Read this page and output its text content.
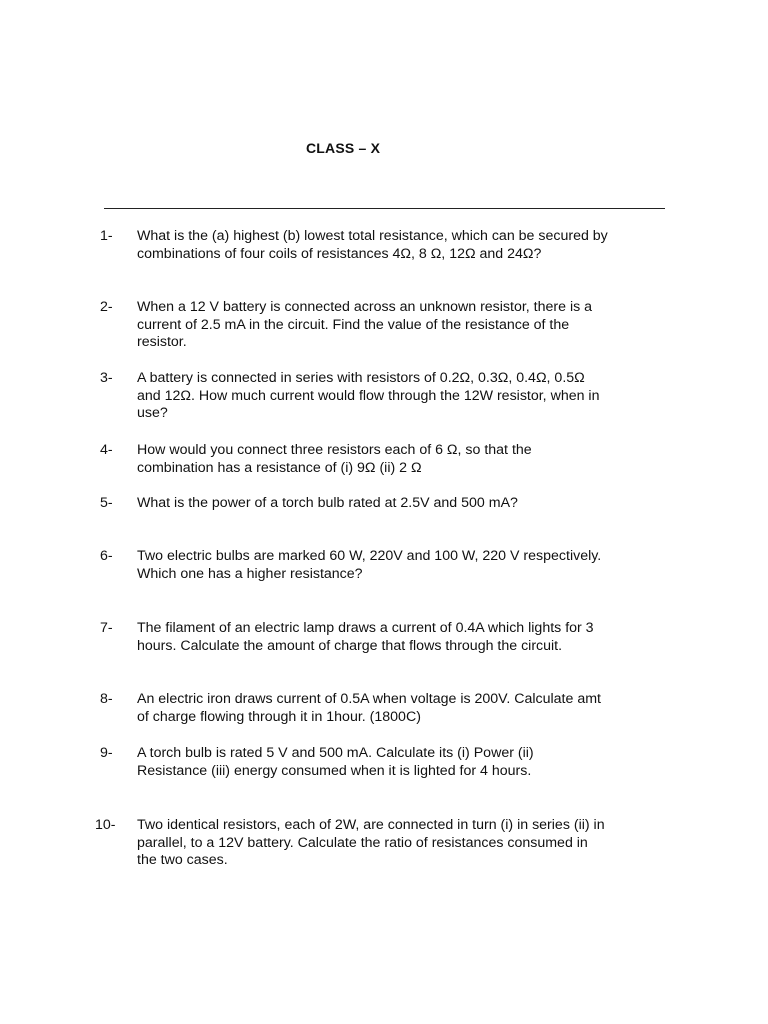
CLASS – X
1- What is the (a) highest (b) lowest total resistance, which can be secured by
combinations of four coils of resistances 4Ω, 8 Ω, 12Ω and 24Ω?
2- When a 12 V battery is connected across an unknown resistor, there is a
current of 2.5 mA in the circuit. Find the value of the resistance of the
resistor.
3- A battery is connected in series with resistors of 0.2Ω, 0.3Ω, 0.4Ω, 0.5Ω
and 12Ω. How much current would flow through the 12W resistor, when in
use?
4- How would you connect three resistors each of 6 Ω, so that the
combination has a resistance of (i) 9Ω (ii) 2 Ω
5- What is the power of a torch bulb rated at 2.5V and 500 mA?
6- Two electric bulbs are marked 60 W, 220V and 100 W, 220 V respectively.
Which one has a higher resistance?
7- The filament of an electric lamp draws a current of 0.4A which lights for 3
hours. Calculate the amount of charge that flows through the circuit.
8- An electric iron draws current of 0.5A when voltage is 200V. Calculate amt
of charge flowing through it in 1hour. (1800C)
9- A torch bulb is rated 5 V and 500 mA. Calculate its (i) Power (ii)
Resistance (iii) energy consumed when it is lighted for 4 hours.
10- Two identical resistors, each of 2W, are connected in turn (i) in series (ii) in
parallel, to a 12V battery. Calculate the ratio of resistances consumed in
the two cases.
